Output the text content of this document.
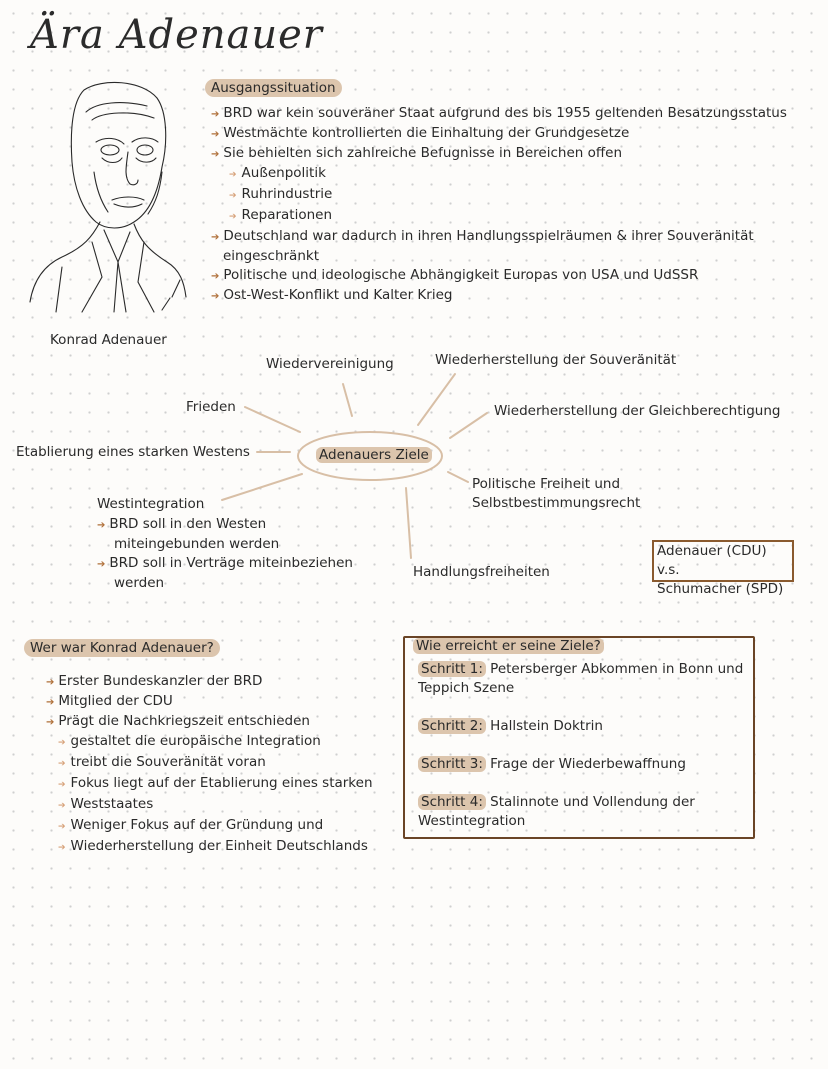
Ära Adenauer
Konrad Adenauer
Ausgangssituation
➔ BRD war kein souveräner Staat aufgrund des bis 1955 geltenden Besatzungsstatus
➔ Westmächte kontrollierten die Einhaltung der Grundgesetze
➔ Sie behielten sich zahlreiche Befugnisse in Bereichen offen
➔ Außenpolitik
➔ Ruhrindustrie
➔ Reparationen
➔ Deutschland war dadurch in ihren Handlungsspielräumen & ihrer Souveränität
eingeschränkt
➔ Politische und ideologische Abhängigkeit Europas von USA und UdSSR
➔ Ost-West-Konflikt und Kalter Krieg
Adenauers Ziele
Wiedervereinigung	Wiederherstellung der Souveränität
Frieden	Wiederherstellung der Gleichberechtigung
Etablierung eines starken Westens
Politische Freiheit und
Selbstbestimmungsrecht
Westintegration
➔ BRD soll in den Westen
miteingebunden werden
➔ BRD soll in Verträge miteinbeziehen
werden
Handlungsfreiheiten
Adenauer (CDU) v.s.
Schumacher (SPD)
Wer war Konrad Adenauer?
➔ Erster Bundeskanzler der BRD
➔ Mitglied der CDU
➔ Prägt die Nachkriegszeit entschieden
➔ gestaltet die europäische Integration
➔ treibt die Souveränität voran
➔ Fokus liegt auf der Etablierung eines starken
➔ Weststaates
➔ Weniger Fokus auf der Gründung und
➔ Wiederherstellung der Einheit Deutschlands
Wie erreicht er seine Ziele?
Schritt 1: Petersberger Abkommen in Bonn und
Teppich Szene
Schritt 2: Hallstein Doktrin
Schritt 3: Frage der Wiederbewaffnung
Schritt 4: Stalinnote und Vollendung der
Westintegration
